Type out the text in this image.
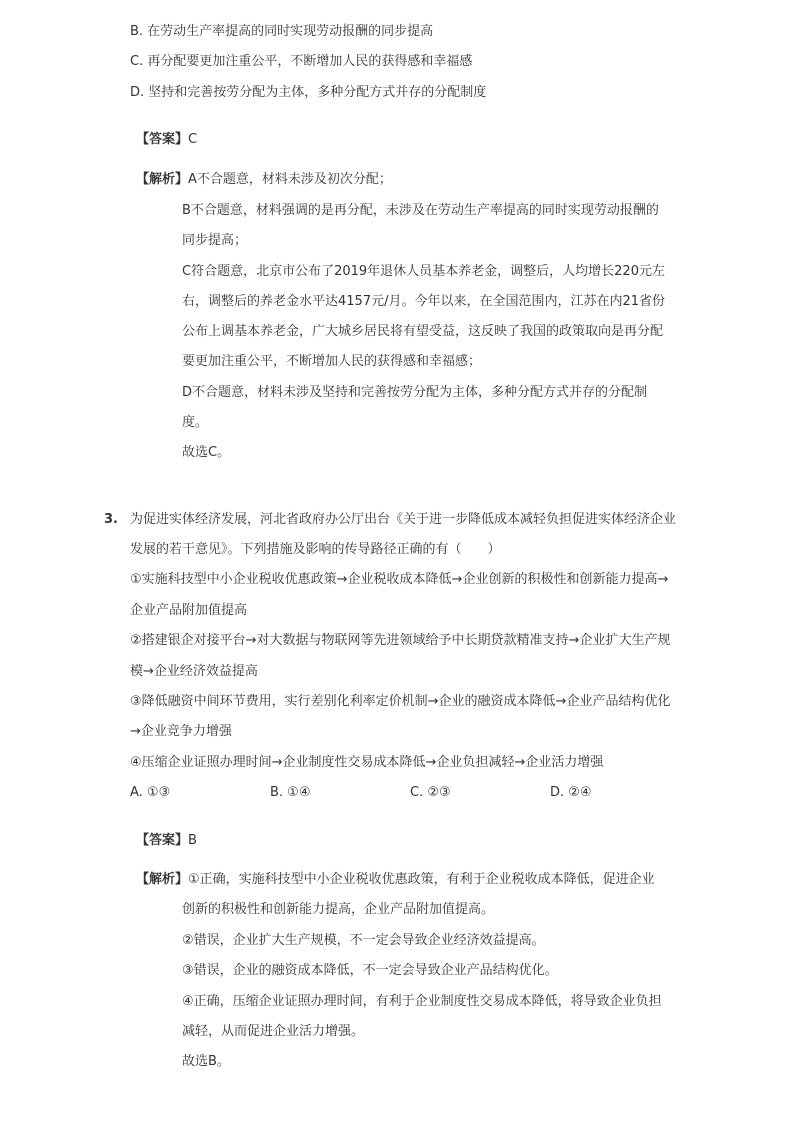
B. 在劳动生产率提高的同时实现劳动报酬的同步提高
C. 再分配要更加注重公平，不断增加人民的获得感和幸福感
D. 坚持和完善按劳分配为主体，多种分配方式并存的分配制度
【答案】C
【解析】A不合题意，材料未涉及初次分配；
B不合题意，材料强调的是再分配，未涉及在劳动生产率提高的同时实现劳动报酬的
同步提高；
C符合题意，北京市公布了2019年退休人员基本养老金，调整后，人均增长220元左
右，调整后的养老金水平达4157元/月。今年以来，在全国范围内，江苏在内21省份
公布上调基本养老金，广大城乡居民将有望受益，这反映了我国的政策取向是再分配
要更加注重公平，不断增加人民的获得感和幸福感；
D不合题意，材料未涉及坚持和完善按劳分配为主体，多种分配方式并存的分配制
度。
故选C。
3. 为促进实体经济发展，河北省政府办公厅出台《关于进一步降低成本减轻负担促进实体经济企业
发展的若干意见》。下列措施及影响的传导路径正确的有（　　）
①实施科技型中小企业税收优惠政策→企业税收成本降低→企业创新的积极性和创新能力提高→
企业产品附加值提高
②搭建银企对接平台→对大数据与物联网等先进领域给予中长期贷款精准支持→企业扩大生产规
模→企业经济效益提高
③降低融资中间环节费用，实行差别化利率定价机制→企业的融资成本降低→企业产品结构优化
→企业竞争力增强
④压缩企业证照办理时间→企业制度性交易成本降低→企业负担减轻→企业活力增强
A. ①③	B. ①④	C. ②③	D. ②④
【答案】B
【解析】①正确，实施科技型中小企业税收优惠政策，有利于企业税收成本降低，促进企业
创新的积极性和创新能力提高，企业产品附加值提高。
②错误，企业扩大生产规模，不一定会导致企业经济效益提高。
③错误，企业的融资成本降低，不一定会导致企业产品结构优化。
④正确，压缩企业证照办理时间，有利于企业制度性交易成本降低，将导致企业负担
减轻，从而促进企业活力增强。
故选B。
